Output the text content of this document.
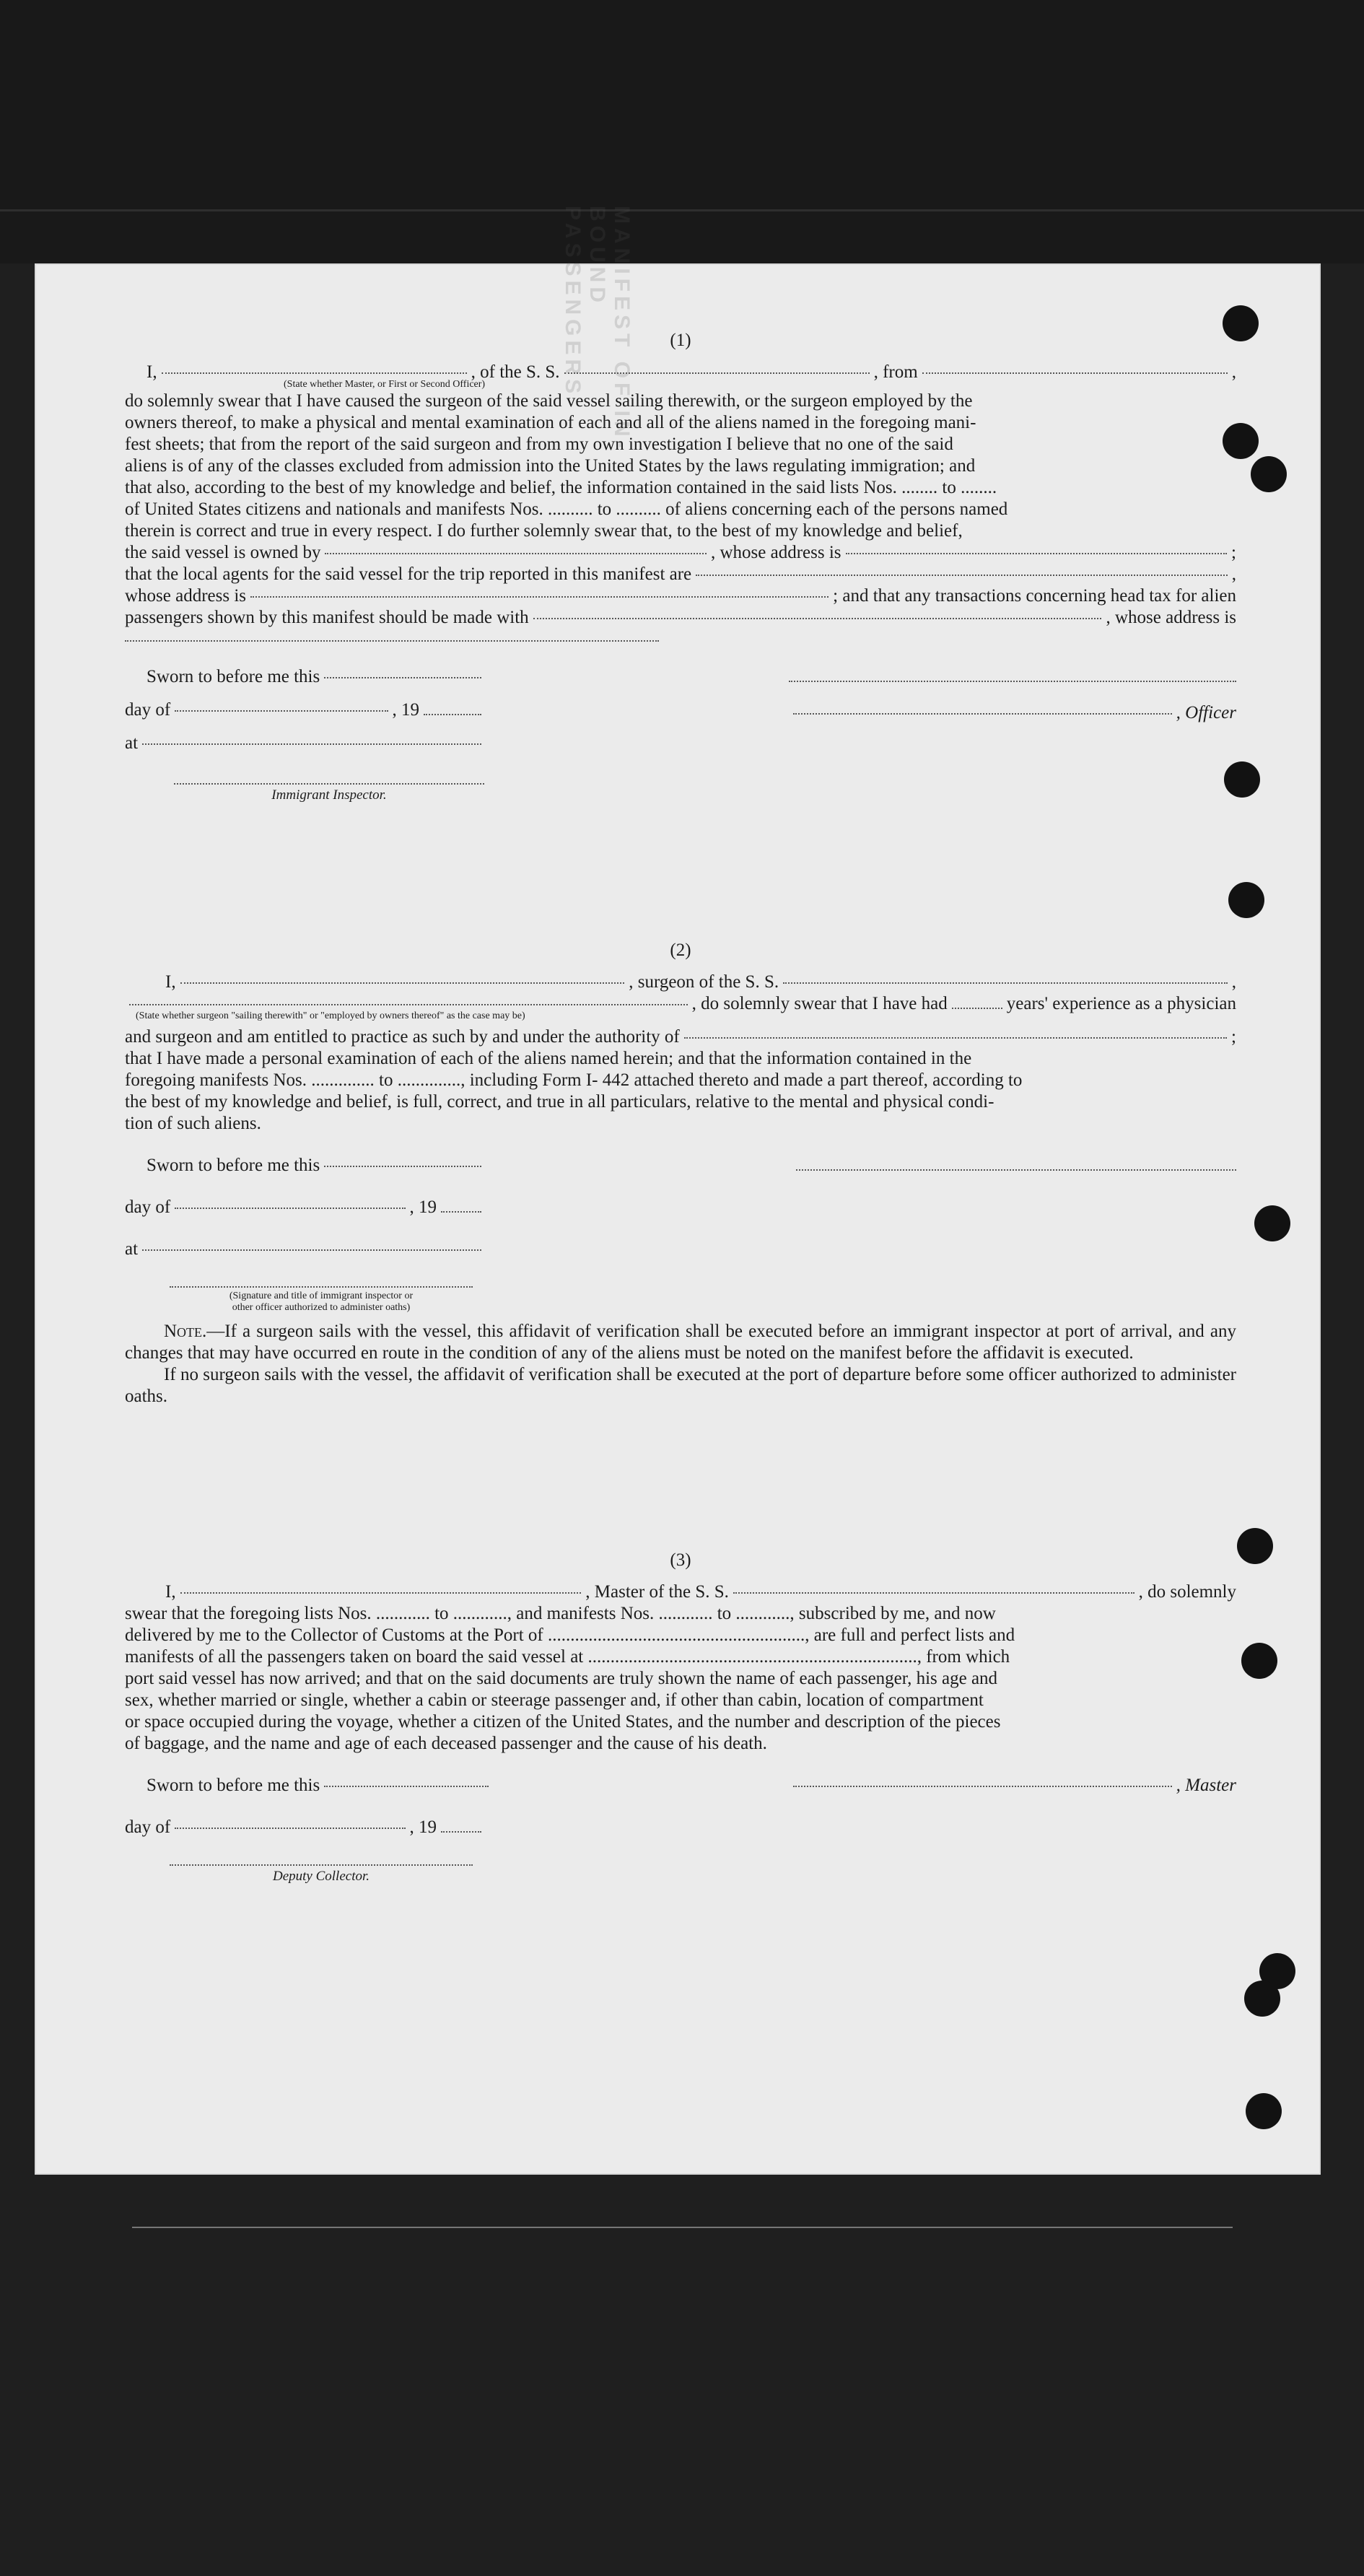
MANIFEST OF IN- OUND PASSENGERS	(1)
I,	, of the S. S.	, from	,
(State whether Master, or First or Second Officer)

do solemnly swear that I have caused the surgeon of the said vessel sailing therewith, or the surgeon employed by the
owners thereof, to make a physical and mental examination of each and all of the aliens named in the foregoing mani-
fest sheets; that from the report of the said surgeon and from my own investigation I believe that no one of the said
aliens is of any of the classes excluded from admission into the United States by the laws regulating immigration; and
that also, according to the best of my knowledge and belief, the information contained in the said lists Nos. ........ to ........
of United States citizens and nationals and manifests Nos. .......... to .......... of aliens concerning each of the persons named
therein is correct and true in every respect. I do further solemnly swear that, to the best of my knowledge and belief,

the said vessel is owned by	, whose address is	;
that the local agents for the said vessel for the trip reported in this manifest are	,
whose address is	; and that any transactions concerning head tax for alien
passengers shown by this manifest should be made with	, whose address is
Sworn to before me this
day of	, 19	, Officer
at
Immigrant Inspector.
(2)
I,	, surgeon of the S. S.	,
, do solemnly swear that I have had	years' experience as a physician
(State whether surgeon "sailing therewith" or "employed by owners thereof" as the case may be)
and surgeon and am entitled to practice as such by and under the authority of	;

that I have made a personal examination of each of the aliens named herein; and that the information contained in the
foregoing manifests Nos. .............. to .............., including Form I- 442 attached thereto and made a part thereof, according to
the best of my knowledge and belief, is full, correct, and true in all particulars, relative to the mental and physical condi-
tion of such aliens.

Sworn to before me this
day of	, 19
at
(Signature and title of immigrant inspector or
other officer authorized to administer oaths)

Note.—If a surgeon sails with the vessel, this affidavit of verification shall be executed before an immigrant inspector at port of arrival, and any changes that may have occurred en route in the condition of any of the aliens must be noted on the manifest before the affidavit is executed.

If no surgeon sails with the vessel, the affidavit of verification shall be executed at the port of departure before some officer authorized to administer oaths.

(3)
I,	, Master of the S. S.	, do solemnly

swear that the foregoing lists Nos. ............ to ............, and manifests Nos. ............ to ............, subscribed by me, and now
delivered by me to the Collector of Customs at the Port of ........................................................., are full and perfect lists and
manifests of all the passengers taken on board the said vessel at ........................................................................., from which
port said vessel has now arrived; and that on the said documents are truly shown the name of each passenger, his age and
sex, whether married or single, whether a cabin or steerage passenger and, if other than cabin, location of compartment
or space occupied during the voyage, whether a citizen of the United States, and the number and description of the pieces
of baggage, and the name and age of each deceased passenger and the cause of his death.

Sworn to before me this	, Master
day of	, 19
Deputy Collector.
